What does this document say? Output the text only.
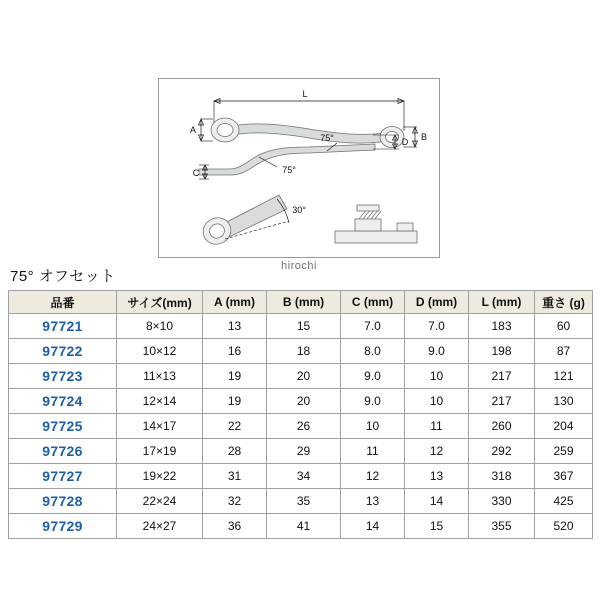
L
A
B
D
C	75°
75°
30°
hirochi
75° オフセット
品番	サイズ(mm)	A (mm)	B (mm)	C (mm)	D (mm)	L (mm)	重さ (g)
97721	8×10	13	15	7.0	7.0	183	60
97722	10×12	16	18	8.0	9.0	198	87
97723	11×13	19	20	9.0	10	217	121
97724	12×14	19	20	9.0	10	217	130
97725	14×17	22	26	10	11	260	204
97726	17×19	28	29	11	12	292	259
97727	19×22	31	34	12	13	318	367
97728	22×24	32	35	13	14	330	425
97729	24×27	36	41	14	15	355	520
